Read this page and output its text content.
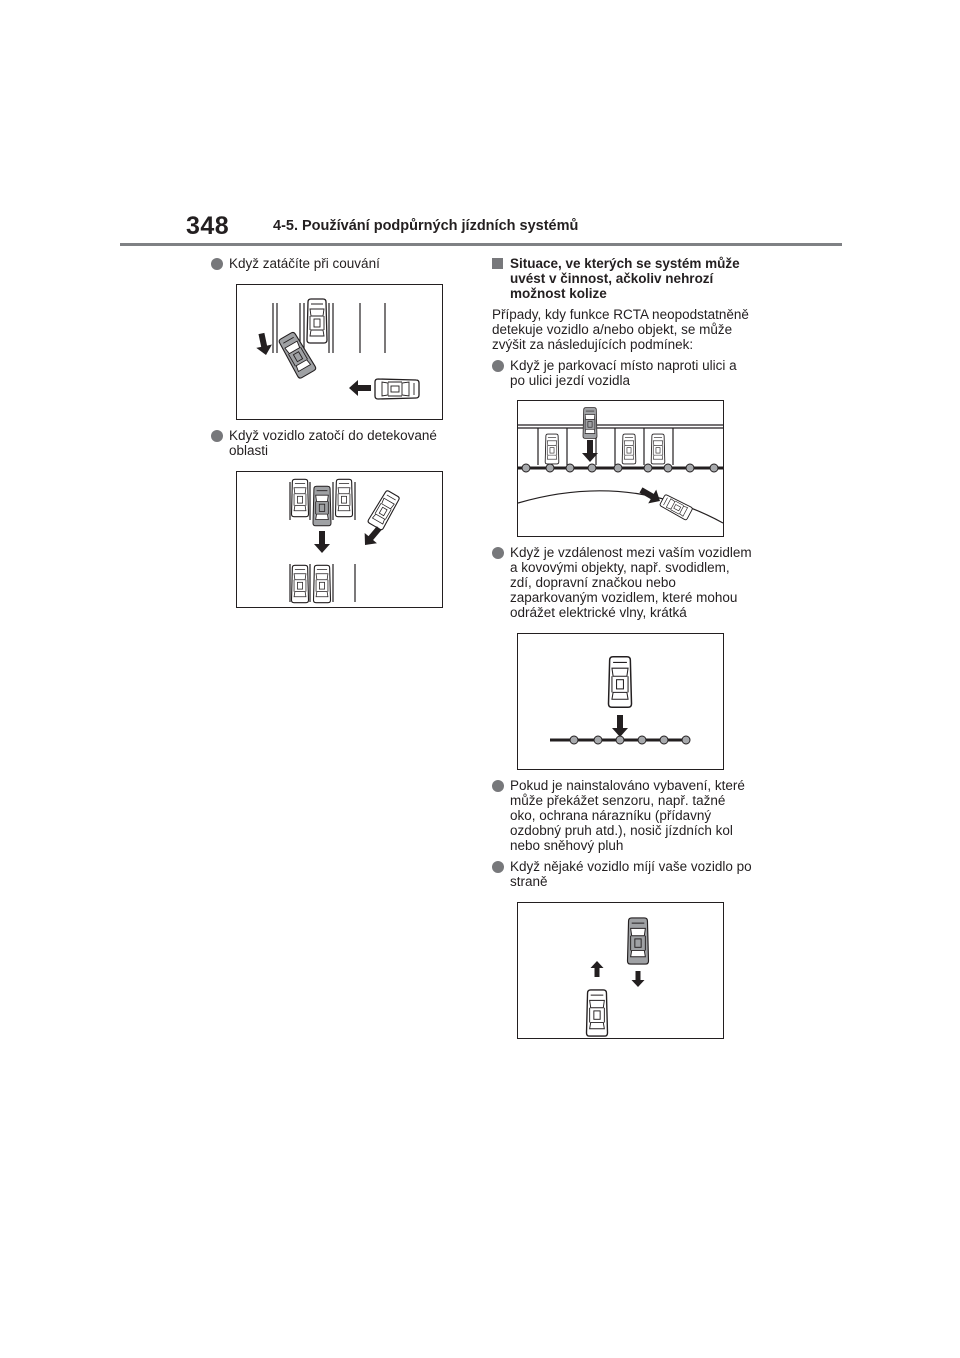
348	4-5. Používání podpůrných jízdních systémů
Když zatáčíte při couvání
Když vozidlo zatočí do detekované oblasti
Situace, ve kterých se systém může uvést v činnost, ačkoliv nehrozí možnost kolize
Případy, kdy funkce RCTA neopodstatněně detekuje vozidlo a/nebo objekt, se může zvýšit za následujících podmínek:
Když je parkovací místo naproti ulici a po ulici jezdí vozidla
Když je vzdálenost mezi vaším vozidlem a kovovými objekty, např. svodidlem, zdí, dopravní značkou nebo zaparkovaným vozidlem, které mohou odrážet elektrické vlny, krátká
Pokud je nainstalováno vybavení, které může překážet senzoru, např. tažné oko, ochrana nárazníku (přídavný ozdobný pruh atd.), nosič jízdních kol nebo sněhový pluh
Když nějaké vozidlo míjí vaše vozidlo po straně
